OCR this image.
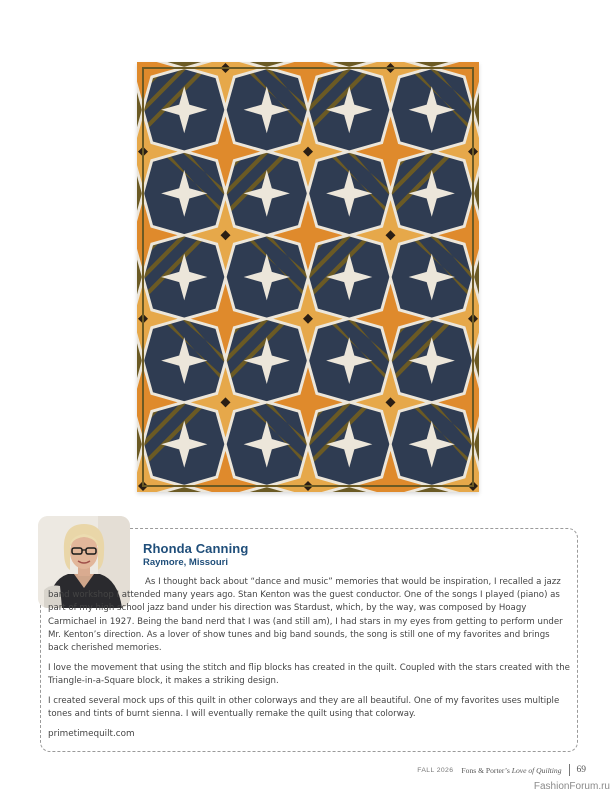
Rhonda Canning
Raymore, Missouri

As I thought back about “dance and music” memories that would be inspiration, I recalled a jazz band workshop I attended many years ago. Stan Kenton was the guest conductor. One of the songs I played (piano) as part of my high school jazz band under his direction was Stardust, which, by the way, was composed by Hoagy Carmichael in 1927. Being the band nerd that I was (and still am), I had stars in my eyes from getting to perform under Mr. Kenton’s direction. As a lover of show tunes and big band sounds, the song is still one of my favorites and brings back cherished memories.

I love the movement that using the stitch and flip blocks has created in the quilt. Coupled with the stars created with the Triangle-in-a-Square block, it makes a striking design.

I created several mock ups of this quilt in other colorways and they are all beautiful. One of my favorites uses multiple tones and tints of burnt sienna. I will eventually remake the quilt using that colorway.

primetimequilt.com

FALL 2026 Fons & Porter’s Love of Quilting 69
FashionForum.ru
